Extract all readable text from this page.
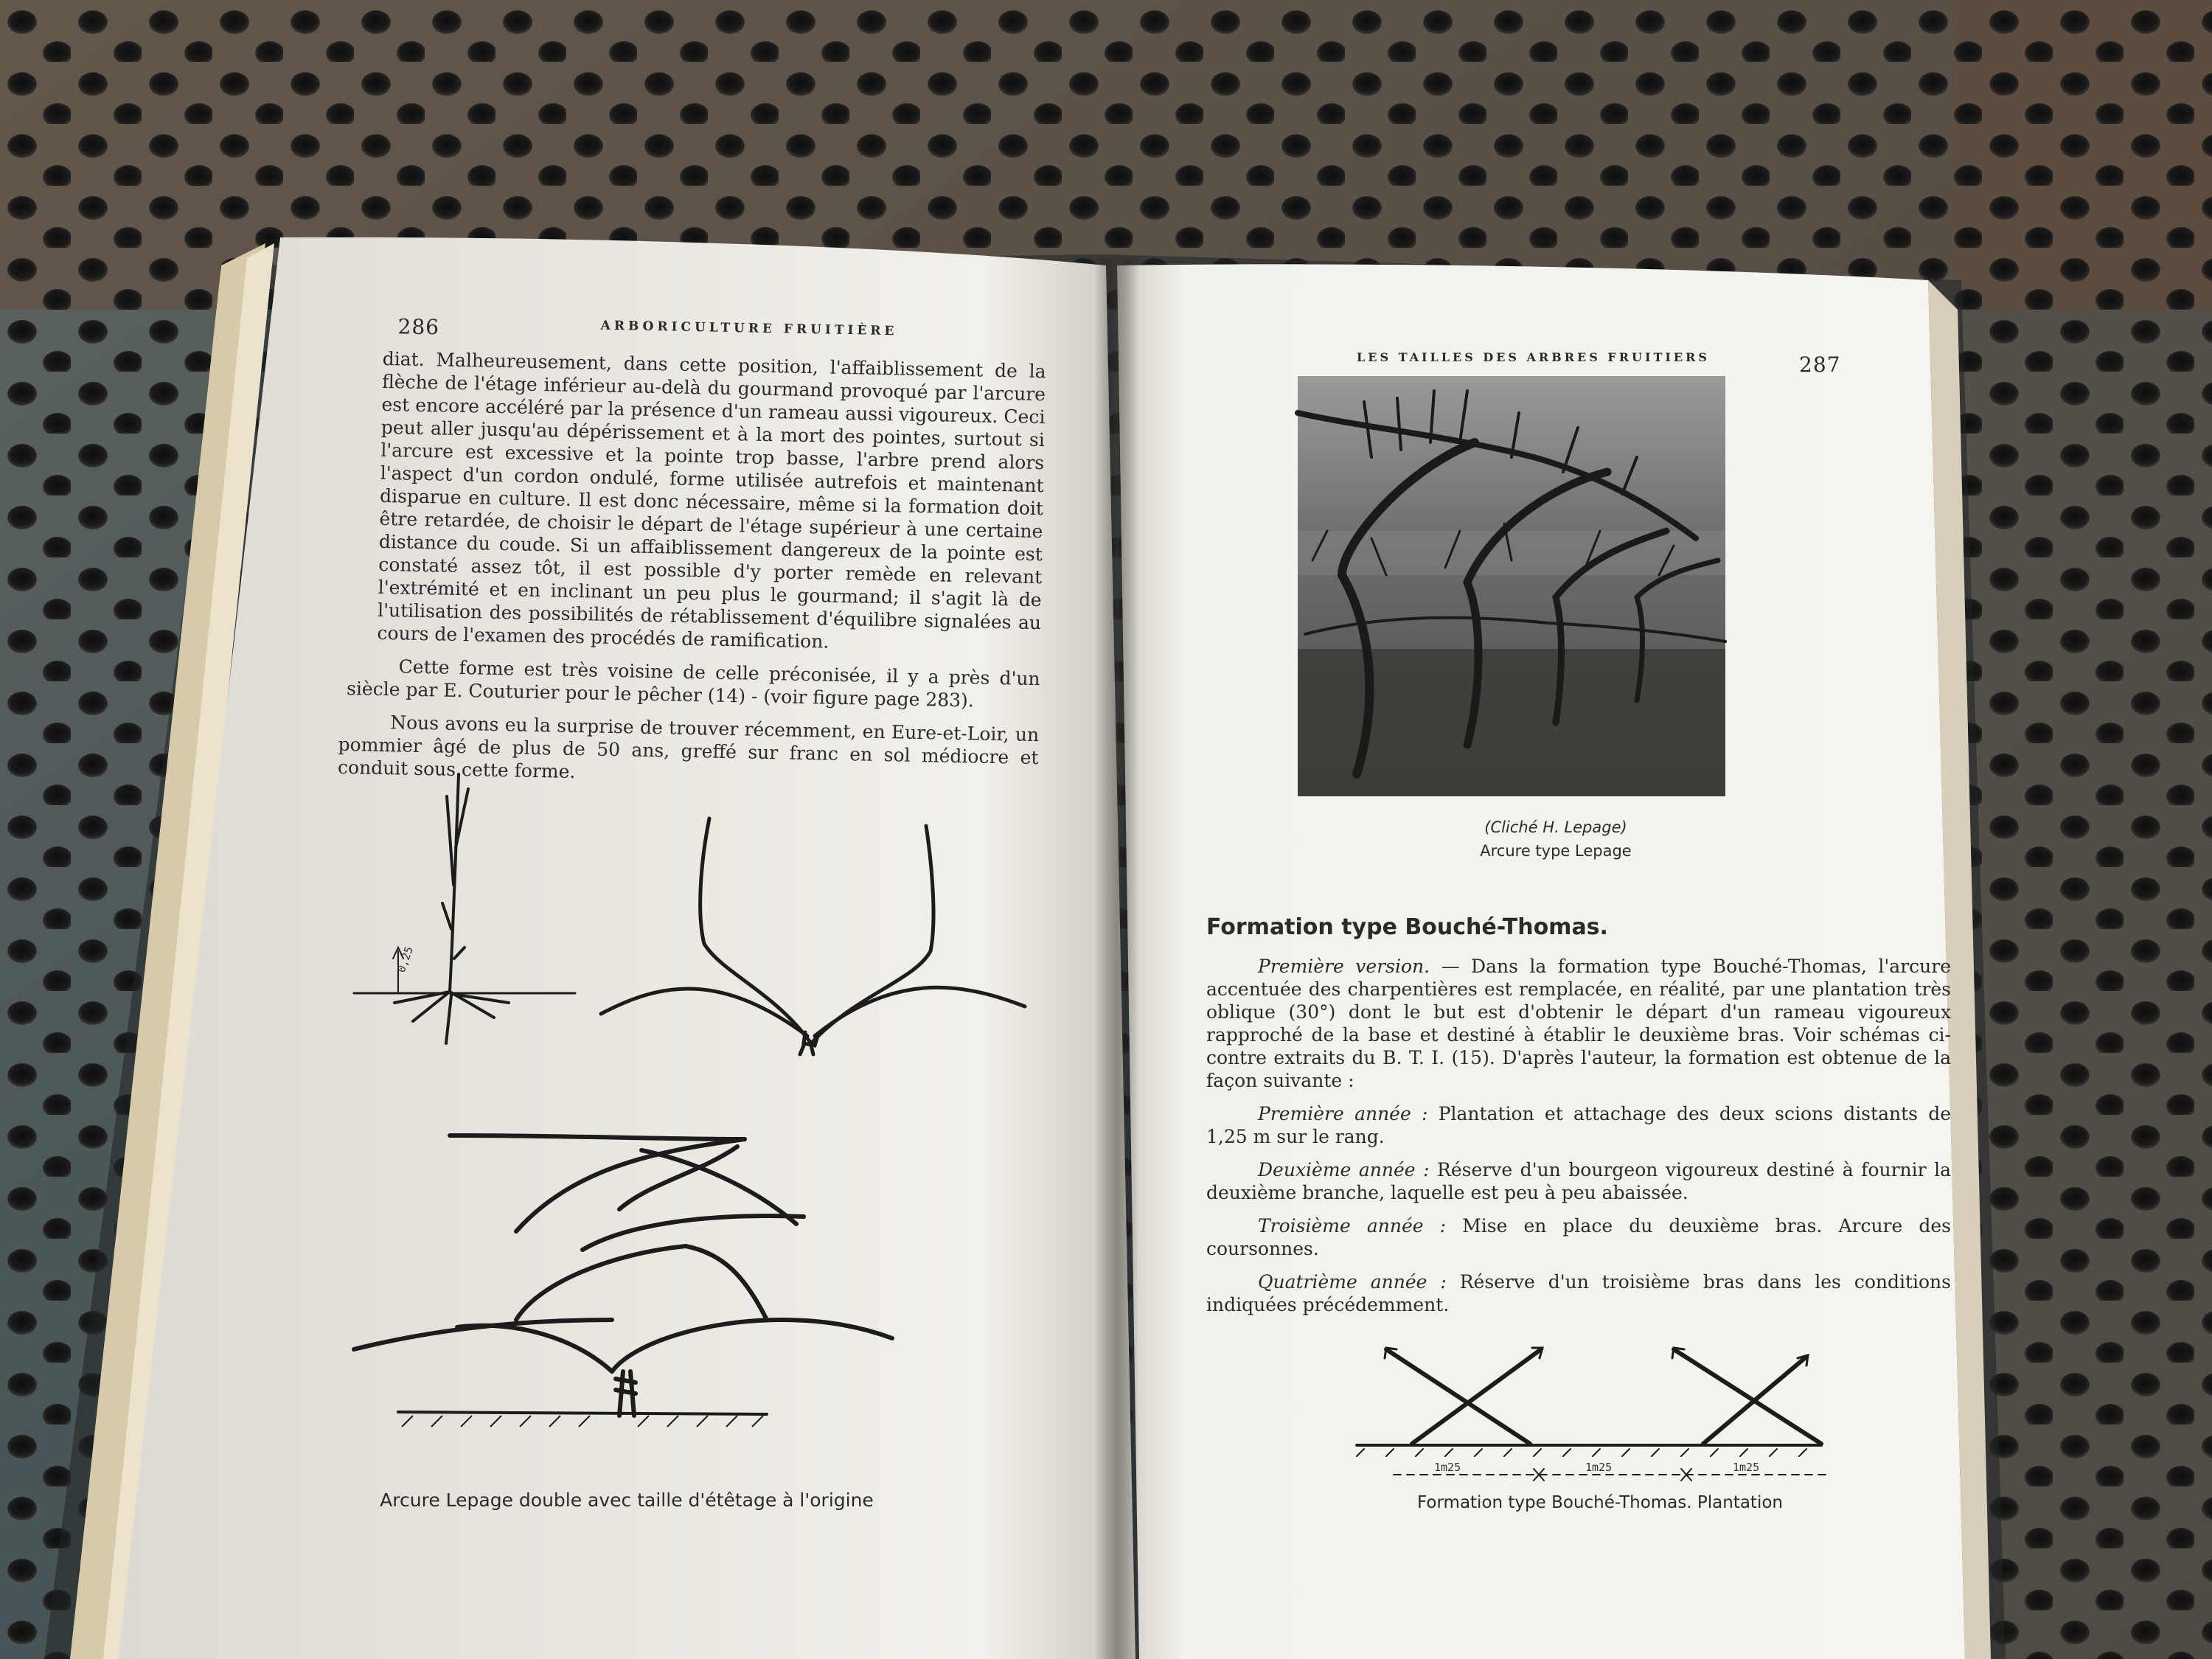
0,25
1m25	1m25	1m25
286	ARBORICULTURE FRUITIÈRE

diat. Malheureusement, dans cette position, l'affaiblissement de la flèche de l'étage inférieur au-delà du gourmand provoqué par l'arcure est encore accéléré par la présence d'un rameau aussi vigoureux. Ceci peut aller jusqu'au dépérissement et à la mort des pointes, surtout si l'arcure est excessive et la pointe trop basse, l'arbre prend alors l'aspect d'un cordon ondulé, forme utilisée autrefois et maintenant disparue en culture. Il est donc nécessaire, même si la formation doit être retardée, de choisir le départ de l'étage supérieur à une certaine distance du coude. Si un affaiblissement dangereux de la pointe est constaté assez tôt, il est possible d'y porter remède en relevant l'extrémité et en inclinant un peu plus le gourmand; il s'agit là de l'utilisation des possibilités de rétablissement d'équilibre signalées au cours de l'examen des procédés de ramification.

Cette forme est très voisine de celle préconisée, il y a près d'un siècle par E. Couturier pour le pêcher (14) - (voir figure page 283).

Nous avons eu la surprise de trouver récemment, en Eure-et-Loir, un pommier âgé de plus de 50 ans, greffé sur franc en sol médiocre et conduit sous cette forme.

Arcure Lepage double avec taille d'étêtage à l'origine
LES TAILLES DES ARBRES FRUITIERS	287
(Cliché H. Lepage)
Arcure type Lepage
Formation type Bouché-Thomas.

Première version. — Dans la formation type Bouché-Thomas, l'arcure accentuée des charpentières est remplacée, en réalité, par une plantation très oblique (30°) dont le but est d'obtenir le départ d'un rameau vigoureux rapproché de la base et destiné à établir le deuxième bras. Voir schémas ci-contre extraits du B. T. I. (15). D'après l'auteur, la formation est obtenue de la façon suivante :

Première année : Plantation et attachage des deux scions distants de 1,25 m sur le rang.

Deuxième année : Réserve d'un bourgeon vigoureux destiné à fournir la deuxième branche, laquelle est peu à peu abaissée.

Troisième année : Mise en place du deuxième bras. Arcure des coursonnes.

Quatrième année : Réserve d'un troisième bras dans les conditions indiquées précédemment.

Formation type Bouché-Thomas. Plantation
